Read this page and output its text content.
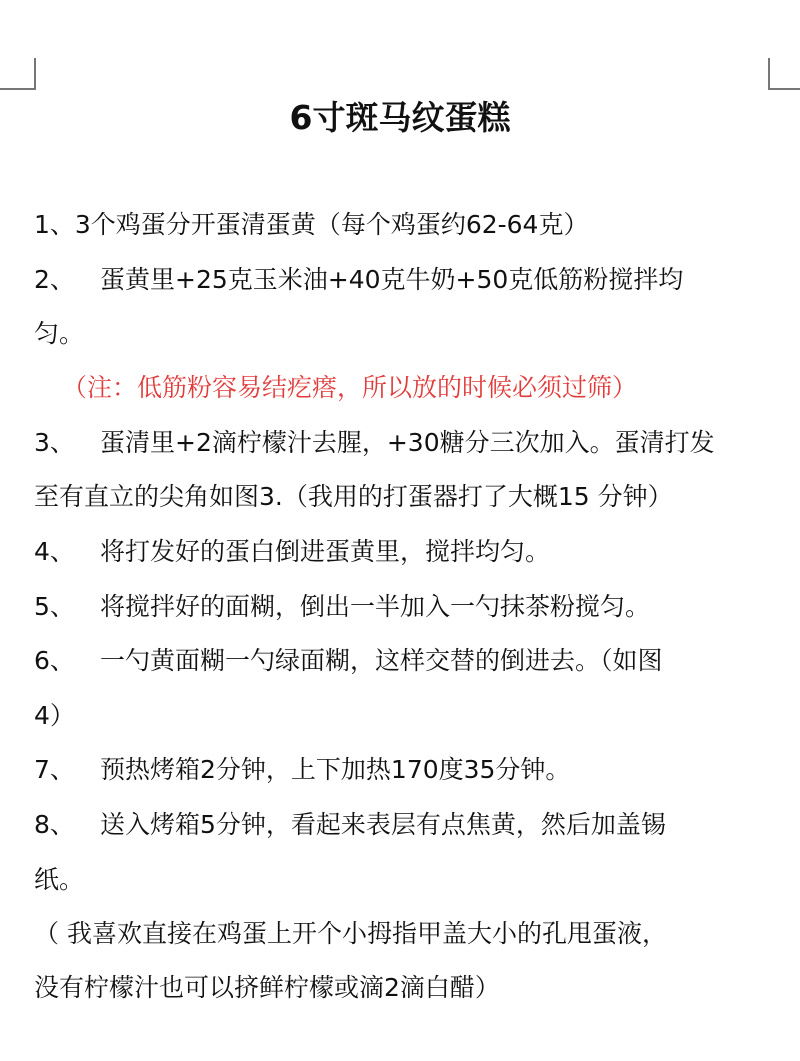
6寸斑马纹蛋糕
1、3个鸡蛋分开蛋清蛋黄（每个鸡蛋约62-64克）
2、 蛋黄里+25克玉米油+40克牛奶+50克低筋粉搅拌均
匀。
（注：低筋粉容易结疙瘩，所以放的时候必须过筛）
3、 蛋清里+2滴柠檬汁去腥，+30糖分三次加入。蛋清打发
至有直立的尖角如图3.（我用的打蛋器打了大概15 分钟）
4、 将打发好的蛋白倒进蛋黄里，搅拌均匀。
5、 将搅拌好的面糊，倒出一半加入一勺抹茶粉搅匀。
6、 一勺黄面糊一勺绿面糊，这样交替的倒进去。（如图
4）
7、 预热烤箱2分钟，上下加热170度35分钟。
8、 送入烤箱5分钟，看起来表层有点焦黄，然后加盖锡
纸。
（ 我喜欢直接在鸡蛋上开个小拇指甲盖大小的孔甩蛋液，
没有柠檬汁也可以挤鲜柠檬或滴2滴白醋）
